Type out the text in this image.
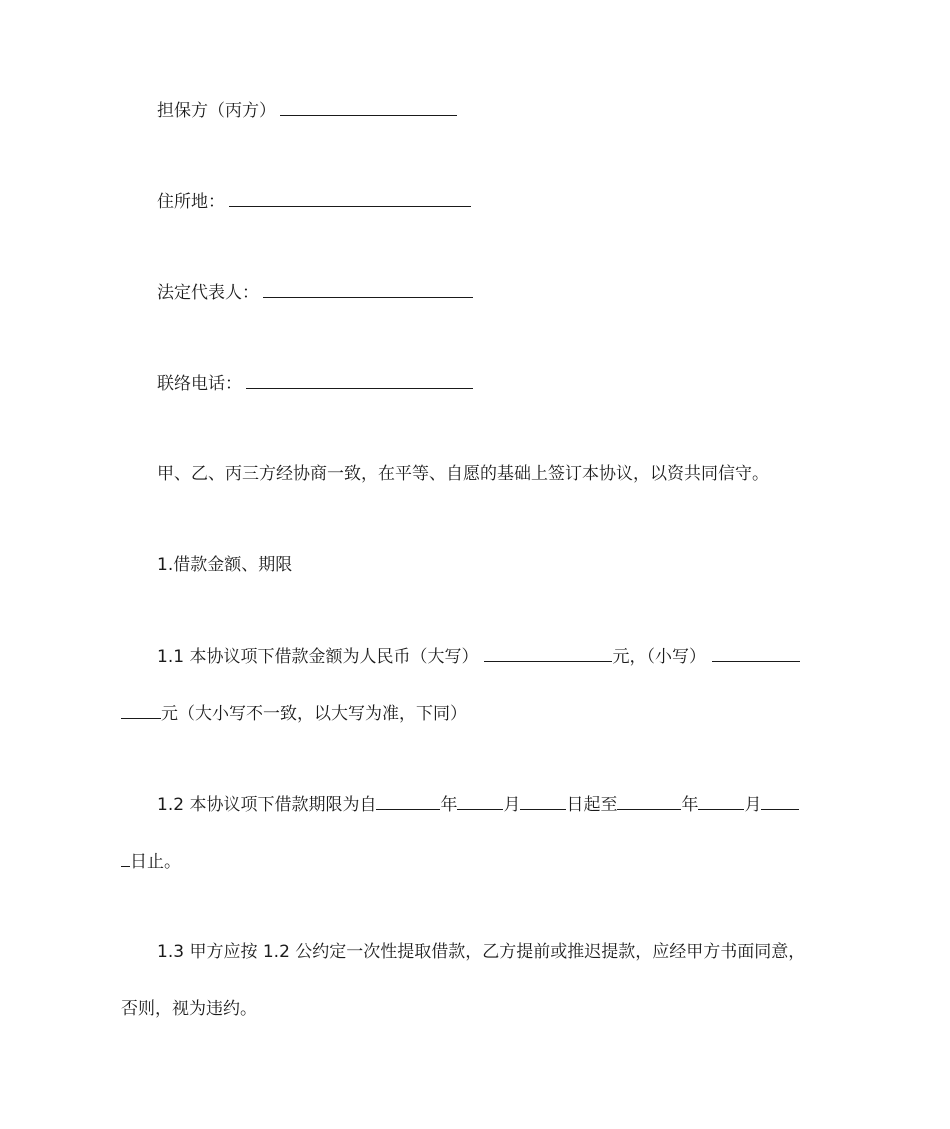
担保方（丙方）
住所地：
法定代表人：
联络电话：
甲、乙、丙三方经协商一致，在平等、自愿的基础上签订本协议，以资共同信守。
1.借款金额、期限
1.1 本协议项下借款金额为人民币（大写）	元，（小写）
元（大小写不一致，以大写为准，下同）
1.2 本协议项下借款期限为自	年	月	日起至	年	月
日止。
1.3 甲方应按 1.2 公约定一次性提取借款，乙方提前或推迟提款，应经甲方书面同意，
否则，视为违约。
